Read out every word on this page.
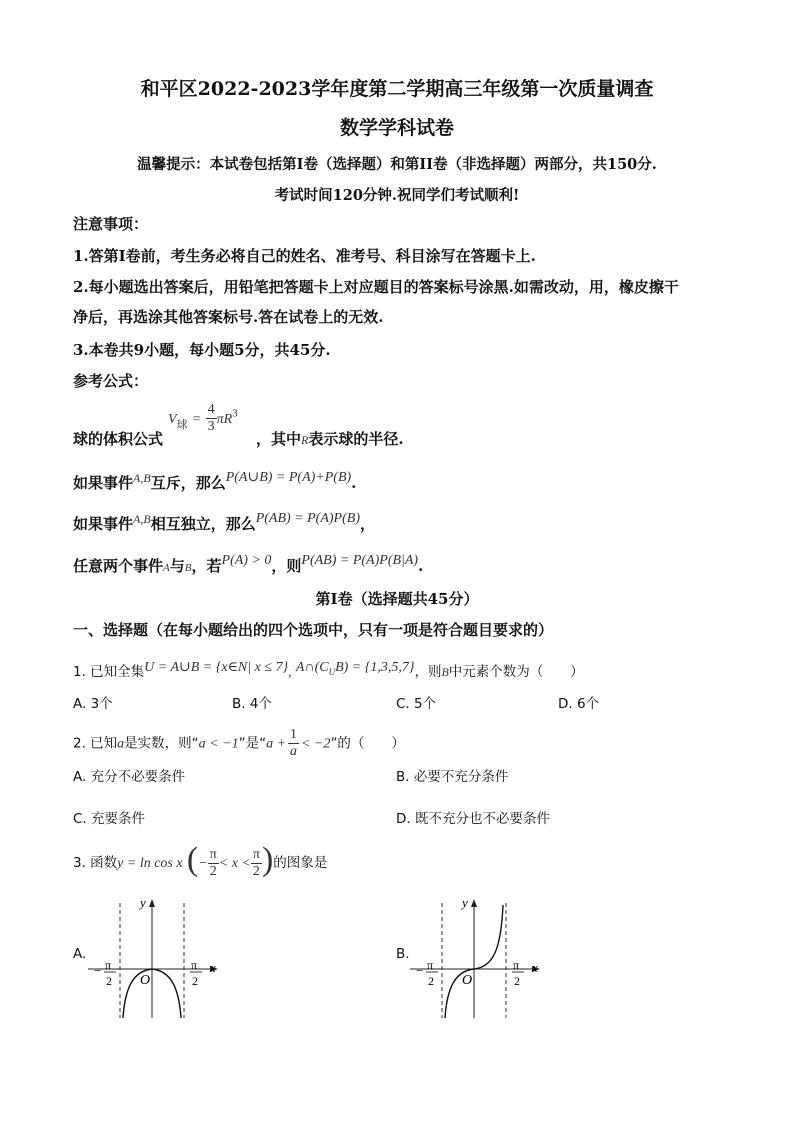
和平区2022-2023学年度第二学期高三年级第一次质量调查
数学学科试卷
温馨提示：本试卷包括第I卷（选择题）和第II卷（非选择题）两部分，共150分.
考试时间120分钟.祝同学们考试顺利!
注意事项：
1.答第I卷前，考生务必将自己的姓名、准考号、科目涂写在答题卡上.
2.每小题选出答案后，用铅笔把答题卡上对应题目的答案标号涂黑.如需改动，用，橡皮擦干
净后，再选涂其他答案标号.答在试卷上的无效.
3.本卷共9小题，每小题5分，共45分.
参考公式：
球的体积公式
$V_球 = \frac{4}{3} \pi R^3$
，其中R表示球的半径.
如果事件$^{A,B}$互斥，那么P(A∪B) = P(A)+P(B).
如果事件$^{A,B}$相互独立，那么P(AB) = P(A)P(B)，
任意两个事件A与B，若P(A) > 0，则P(AB) = P(A)P(B|A).
第I卷（选择题共45分）
一、选择题（在每小题给出的四个选项中，只有一项是符合题目要求的）
1. 已知全集U = A∪B = {x∈N| x ≤ 7}, $A\cap(C_UB) = \{1,3,5,7\}$，则B中元素个数为（　　）
A. 3个	B. 4个	C. 5个	D. 6个
2. 已知a是实数，则“a < −1”是“$a + \frac{1}{a} < -2$”的（　　）
A. 充分不必要条件	B. 必要不充分条件
C. 充要条件	D. 既不充分也不必要条件
3. 函数y = ln cos x (− $\frac{\pi}{2} < x < \frac{\pi}{2}$ )的图象是
A.
y
x
O
− π
2
π
2
B.
y
x
O
− π
2
π
2
